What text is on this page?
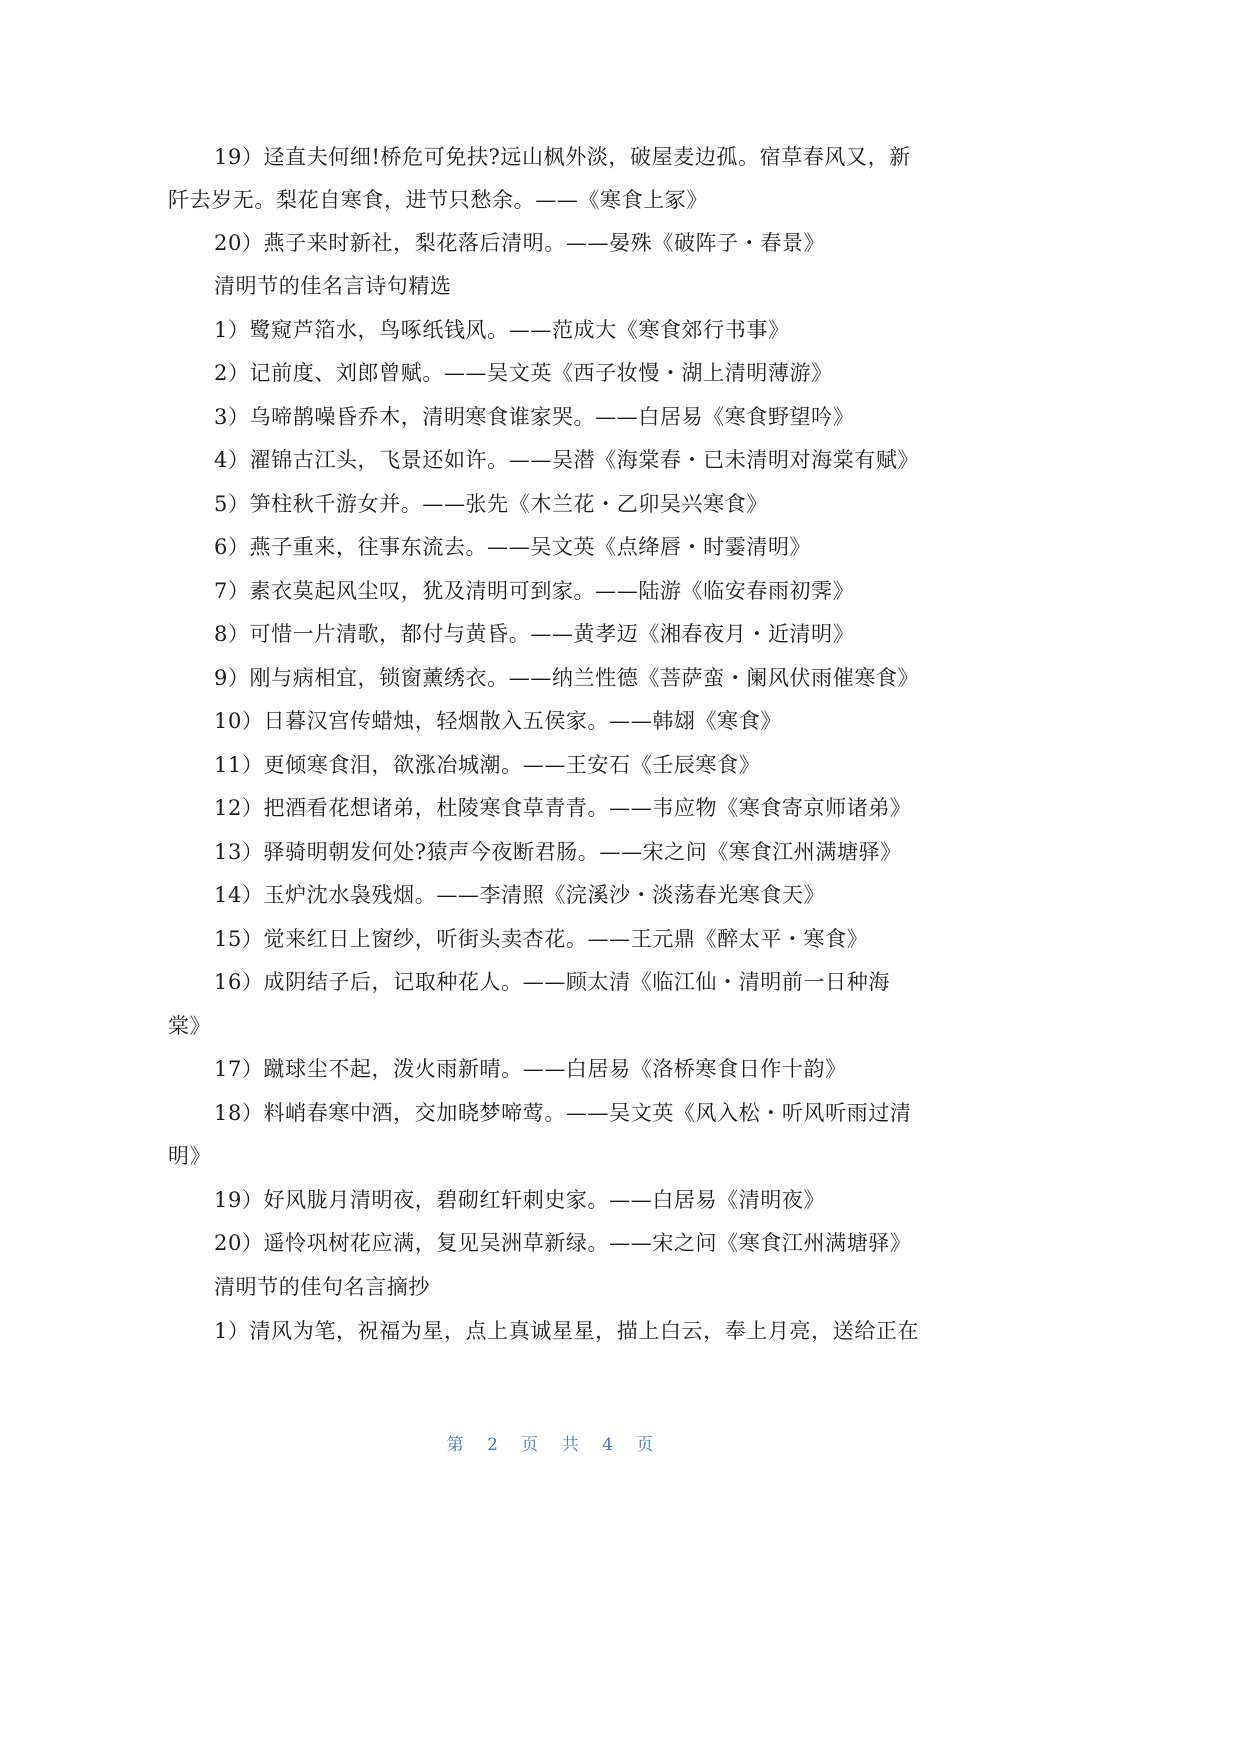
19）迳直夫何细!桥危可免扶?远山枫外淡，破屋麦边孤。宿草春风又，新
阡去岁无。梨花自寒食，进节只愁余。——《寒食上冢》
20）燕子来时新社，梨花落后清明。——晏殊《破阵子・春景》
清明节的佳名言诗句精选
1）鹭窥芦箔水，鸟啄纸钱风。——范成大《寒食郊行书事》
2）记前度、刘郎曾赋。——吴文英《西子妆慢・湖上清明薄游》
3）乌啼鹊噪昏乔木，清明寒食谁家哭。——白居易《寒食野望吟》
4）濯锦古江头，飞景还如许。——吴潜《海棠春・已未清明对海棠有赋》
5）笋柱秋千游女并。——张先《木兰花・乙卯吴兴寒食》
6）燕子重来，往事东流去。——吴文英《点绛唇・时霎清明》
7）素衣莫起风尘叹，犹及清明可到家。——陆游《临安春雨初霁》
8）可惜一片清歌，都付与黄昏。——黄孝迈《湘春夜月・近清明》
9）刚与病相宜，锁窗薰绣衣。——纳兰性德《菩萨蛮・阑风伏雨催寒食》
10）日暮汉宫传蜡烛，轻烟散入五侯家。——韩翃《寒食》
11）更倾寒食泪，欲涨冶城潮。——王安石《壬辰寒食》
12）把酒看花想诸弟，杜陵寒食草青青。——韦应物《寒食寄京师诸弟》
13）驿骑明朝发何处?猿声今夜断君肠。——宋之问《寒食江州满塘驿》
14）玉炉沈水袅残烟。——李清照《浣溪沙・淡荡春光寒食天》
15）觉来红日上窗纱，听街头卖杏花。——王元鼎《醉太平・寒食》
16）成阴结子后，记取种花人。——顾太清《临江仙・清明前一日种海
棠》
17）蹴球尘不起，泼火雨新晴。——白居易《洛桥寒食日作十韵》
18）料峭春寒中酒，交加晓梦啼莺。——吴文英《风入松・听风听雨过清
明》
19）好风胧月清明夜，碧砌红轩刺史家。——白居易《清明夜》
20）遥怜巩树花应满，复见吴洲草新绿。——宋之问《寒食江州满塘驿》
清明节的佳句名言摘抄
1）清风为笔，祝福为星，点上真诚星星，描上白云，奉上月亮，送给正在
第 2 页 共 4 页
